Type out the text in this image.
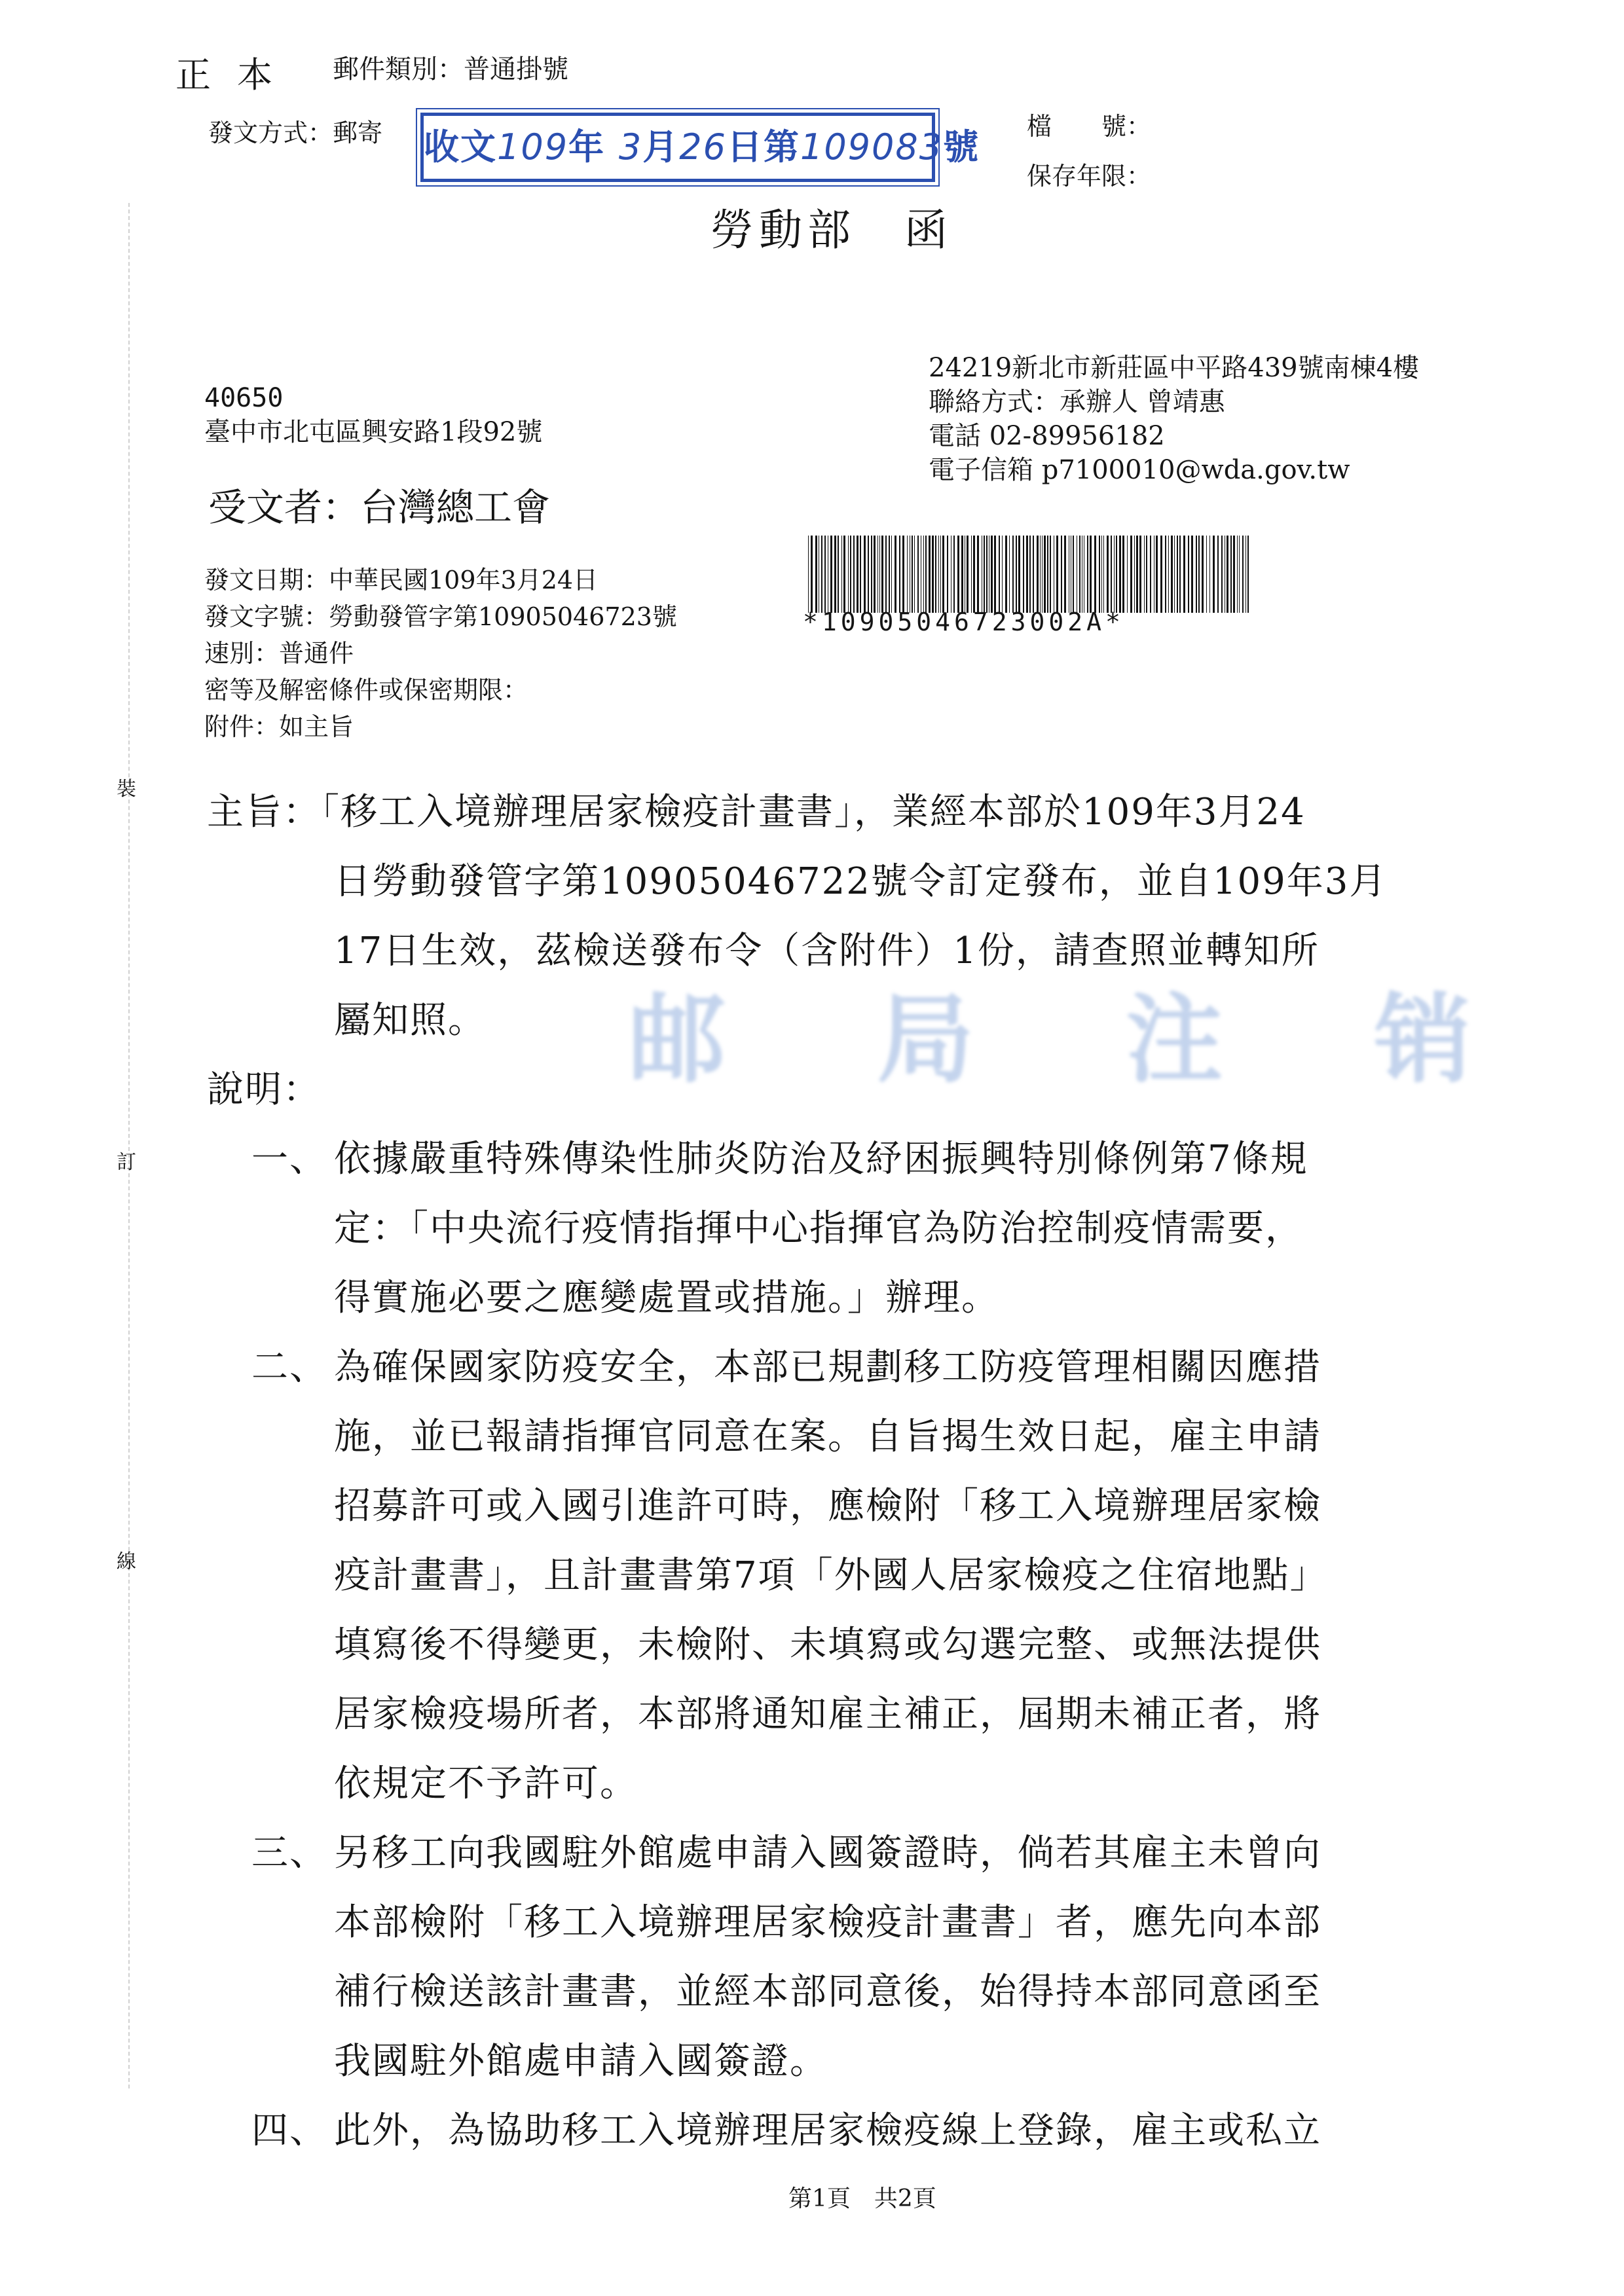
裝
訂
線
正本 郵件類別：普通掛號
發文方式：郵寄 收文109年 3月26日第109083號 檔　　號：
保存年限：
勞動部　函
40650
臺中市北屯區興安路1段92號
24219新北市新莊區中平路439號南棟4樓
聯絡方式：承辦人 曾靖惠
電話 02-89956182
電子信箱 p7100010@wda.gov.tw
受文者：台灣總工會
發文日期：中華民國109年3月24日
發文字號：勞動發管字第10905046723號
速別：普通件
密等及解密條件或保密期限：
附件：如主旨
*10905046723002A*
邮 局 注 销
主旨：「移工入境辦理居家檢疫計畫書」，業經本部於109年3月24
日勞動發管字第10905046722號令訂定發布，並自109年3月
17日生效，茲檢送發布令（含附件）1份，請查照並轉知所
屬知照。
說明：
一、 依據嚴重特殊傳染性肺炎防治及紓困振興特別條例第7條規
定：「中央流行疫情指揮中心指揮官為防治控制疫情需要，
得實施必要之應變處置或措施。」辦理。
二、 為確保國家防疫安全，本部已規劃移工防疫管理相關因應措
施，並已報請指揮官同意在案。自旨揭生效日起，雇主申請
招募許可或入國引進許可時，應檢附「移工入境辦理居家檢
疫計畫書」，且計畫書第7項「外國人居家檢疫之住宿地點」
填寫後不得變更，未檢附、未填寫或勾選完整、或無法提供
居家檢疫場所者，本部將通知雇主補正，屆期未補正者，將
依規定不予許可。
三、 另移工向我國駐外館處申請入國簽證時，倘若其雇主未曾向
本部檢附「移工入境辦理居家檢疫計畫書」者，應先向本部
補行檢送該計畫書，並經本部同意後，始得持本部同意函至
我國駐外館處申請入國簽證。
四、 此外，為協助移工入境辦理居家檢疫線上登錄，雇主或私立
第1頁　共2頁
